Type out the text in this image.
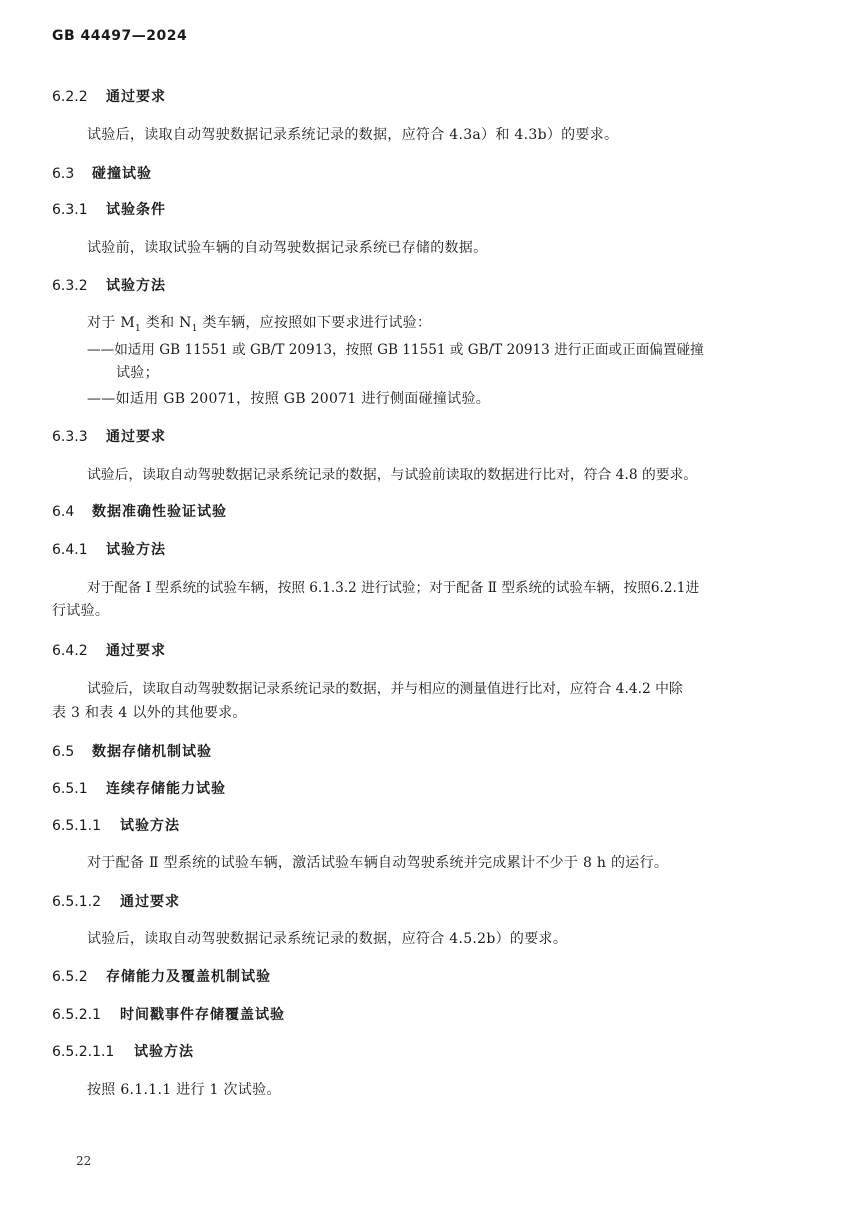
GB 44497—2024
6.2.2 通过要求
试验后，读取自动驾驶数据记录系统记录的数据，应符合 4.3a）和 4.3b）的要求。
6.3 碰撞试验
6.3.1 试验条件
试验前，读取试验车辆的自动驾驶数据记录系统已存储的数据。
6.3.2 试验方法
对于 $M_1$ 类和 $N_1$ 类车辆，应按照如下要求进行试验：
——如适用 GB 11551 或 GB/T 20913，按照 GB 11551 或 GB/T 20913 进行正面或正面偏置碰撞
试验；
——如适用 GB 20071，按照 GB 20071 进行侧面碰撞试验。
6.3.3 通过要求
试验后，读取自动驾驶数据记录系统记录的数据，与试验前读取的数据进行比对，符合 4.8 的要求。
6.4 数据准确性验证试验
6.4.1 试验方法
对于配备 Ⅰ 型系统的试验车辆，按照 6.1.3.2 进行试验；对于配备 Ⅱ 型系统的试验车辆，按照6.2.1进
行试验。
6.4.2 通过要求
试验后，读取自动驾驶数据记录系统记录的数据，并与相应的测量值进行比对，应符合 4.4.2 中除
表 3 和表 4 以外的其他要求。
6.5 数据存储机制试验
6.5.1 连续存储能力试验
6.5.1.1 试验方法
对于配备 Ⅱ 型系统的试验车辆，激活试验车辆自动驾驶系统并完成累计不少于 8 h 的运行。
6.5.1.2 通过要求
试验后，读取自动驾驶数据记录系统记录的数据，应符合 4.5.2b）的要求。
6.5.2 存储能力及覆盖机制试验
6.5.2.1 时间戳事件存储覆盖试验
6.5.2.1.1 试验方法
按照 6.1.1.1 进行 1 次试验。
22
